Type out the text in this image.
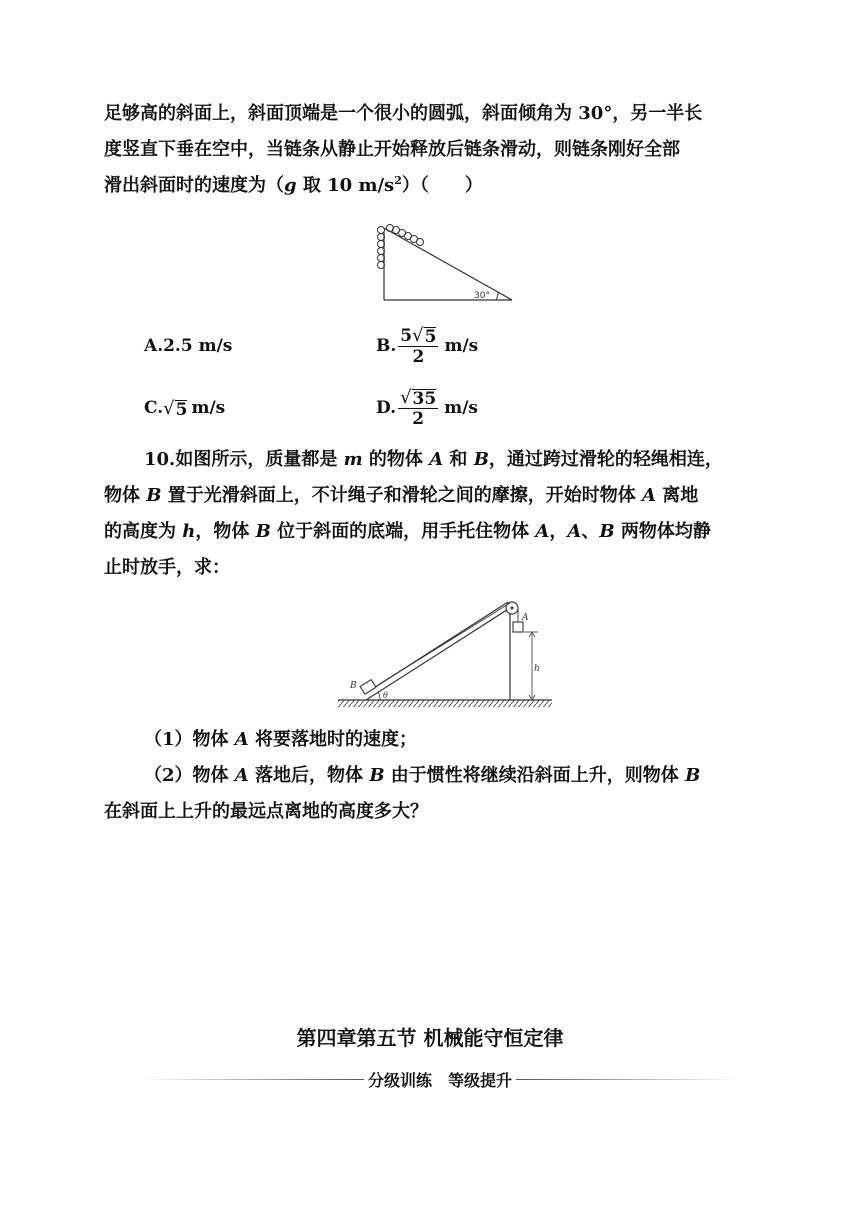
足够高的斜面上，斜面顶端是一个很小的圆弧，斜面倾角为 30°，另一半长
度竖直下垂在空中，当链条从静止开始释放后链条滑动，则链条刚好全部
滑出斜面时的速度为（g 取 10 $m/s^2$）（　　）
30°
A.2.5 m/s	B. $\frac{5 √ 5}{2} m/s$
C. √ 5 m/s	D. $\frac{√ 35}{2} m/s$
10.如图所示，质量都是 m 的物体 A 和 B，通过跨过滑轮的轻绳相连，
物体 B 置于光滑斜面上，不计绳子和滑轮之间的摩擦，开始时物体 A 离地
的高度为 h，物体 B 位于斜面的底端，用手托住物体 A，A、B 两物体均静
止时放手，求：
A
B
h
θ
（1）物体 A 将要落地时的速度；
（2）物体 A 落地后，物体 B 由于惯性将继续沿斜面上升，则物体 B
在斜面上上升的最远点离地的高度多大？
第四章第五节 机械能守恒定律
分级训练　等级提升
